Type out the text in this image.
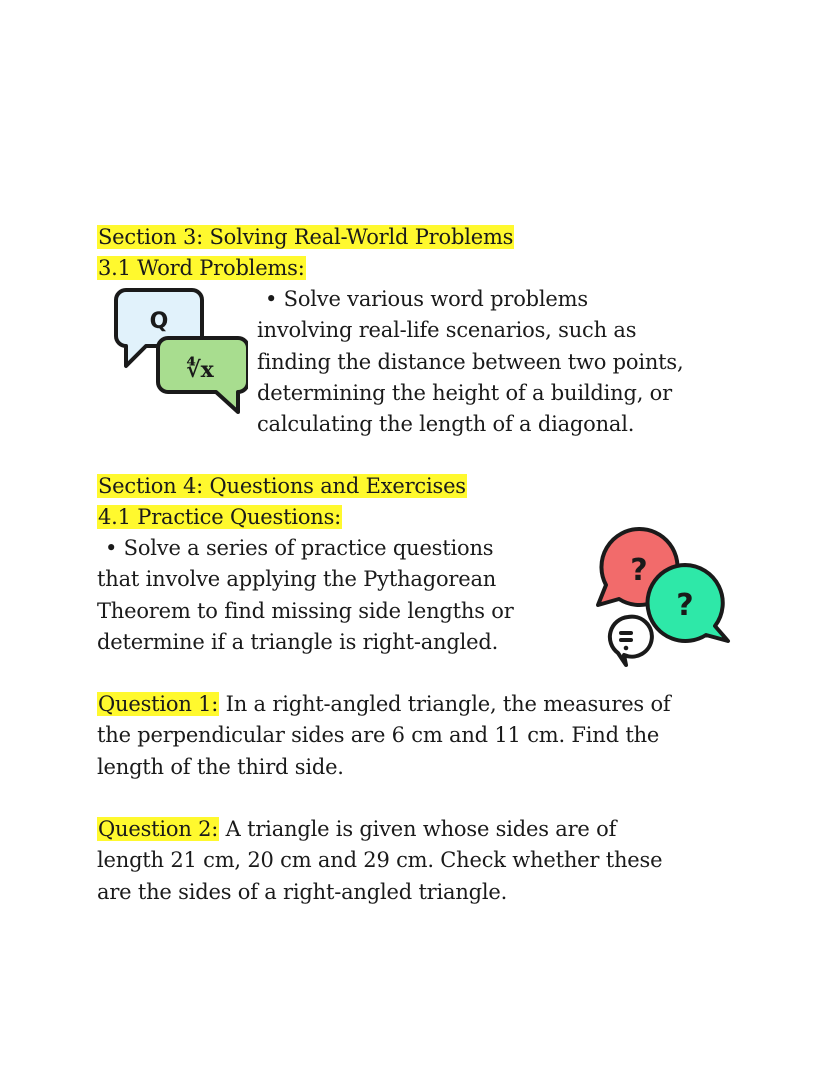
Section 3: Solving Real-World Problems
3.1 Word Problems:
Q
∜x
• Solve various word problems
involving real-life scenarios, such as
finding the distance between two points,
determining the height of a building, or
calculating the length of a diagonal.
Section 4: Questions and Exercises
4.1 Practice Questions:
• Solve a series of practice questions
that involve applying the Pythagorean
Theorem to find missing side lengths or
determine if a triangle is right-angled.
?
?
Question 1: In a right-angled triangle, the measures of
the perpendicular sides are 6 cm and 11 cm. Find the
length of the third side.
Question 2: A triangle is given whose sides are of
length 21 cm, 20 cm and 29 cm. Check whether these
are the sides of a right-angled triangle.
